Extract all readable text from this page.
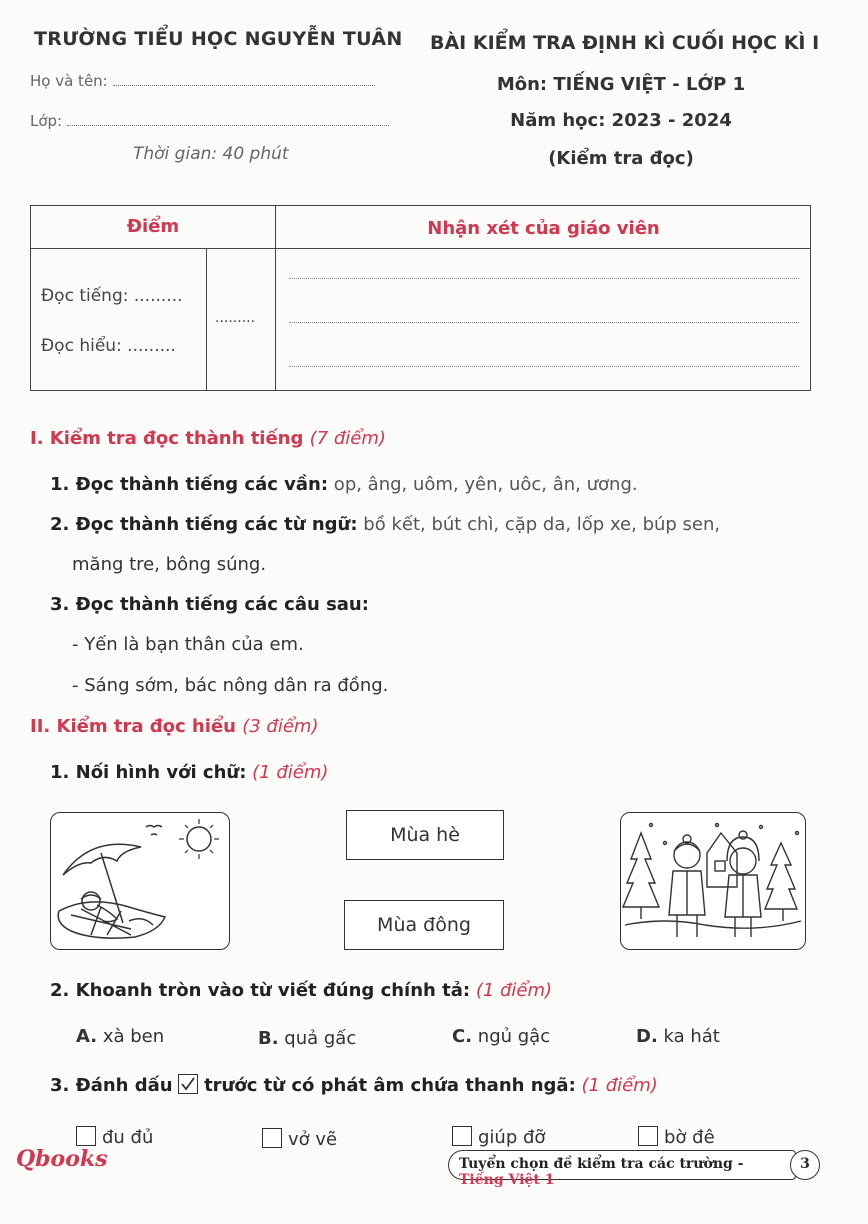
TRƯỜNG TIỂU HỌC NGUYỄN TUÂN
Họ và tên:
Lớp:
Thời gian: 40 phút
BÀI KIỂM TRA ĐỊNH KÌ CUỐI HỌC KÌ I
Môn: TIẾNG VIỆT - LỚP 1
Năm học: 2023 - 2024
(Kiểm tra đọc)
Điểm	Nhận xét của giáo viên
Đọc tiếng: .........
Đọc hiểu: .........
.........
I. Kiểm tra đọc thành tiếng (7 điểm)
1. Đọc thành tiếng các vần: op, âng, uôm, yên, uôc, ân, ương.
2. Đọc thành tiếng các từ ngữ: bồ kết, bút chì, cặp da, lốp xe, búp sen,
măng tre, bông súng.
3. Đọc thành tiếng các câu sau:
- Yến là bạn thân của em.
- Sáng sớm, bác nông dân ra đồng.
II. Kiểm tra đọc hiểu (3 điểm)
1. Nối hình với chữ: (1 điểm)
Mùa hè
Mùa đông
2. Khoanh tròn vào từ viết đúng chính tả: (1 điểm)
A. xà ben	B. quả gấc	C. ngủ gậc	D. ka hát
3. Đánh dấu trước từ có phát âm chứa thanh ngã: (1 điểm)
đu đủ	vở vẽ	giúp đỡ	bờ đê
Qbooks	Tuyển chọn đề kiểm tra các trường - Tiếng Việt 1
3
